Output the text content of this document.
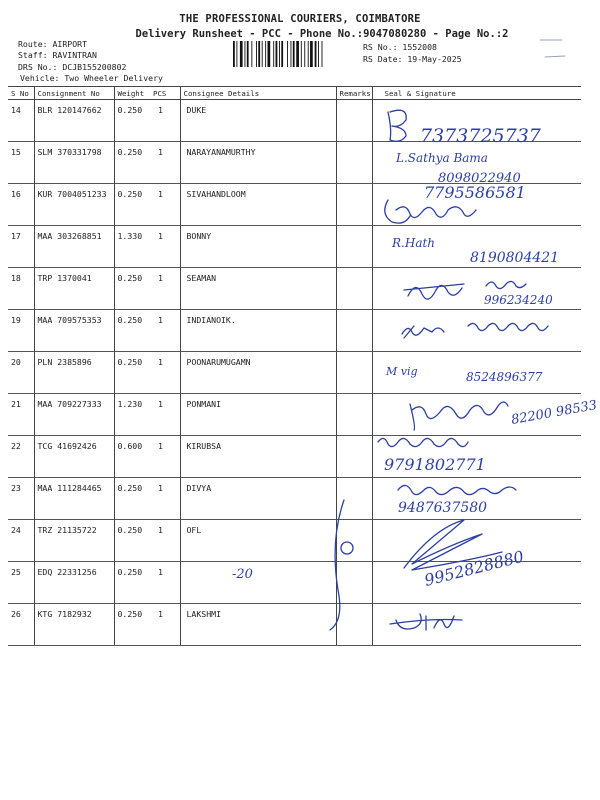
THE PROFESSIONAL COURIERS, COIMBATORE
Delivery Runsheet - PCC - Phone No.:9047080280 - Page No.:2
Route: AIRPORT
Staff: RAVINTRAN
DRS No.: DCJB155200802
Vehicle: Two Wheeler Delivery
RS No.: 1552008
RS Date: 19-May-2025
S No	Consignment No	Weight	PCS	Consignee Details	Remarks	Seal & Signature
14	BLR 120147662	0.250	1	DUKE		
15	SLM 370331798	0.250	1	NARAYANAMURTHY		
16	KUR 7004051233	0.250	1	SIVAHANDLOOM		
17	MAA 303268851	1.330	1	BONNY		
18	TRP 1370041	0.250	1	SEAMAN		
19	MAA 709575353	0.250	1	INDIANOIK.		
20	PLN 2385896	0.250	1	POONARUMUGAMN		
21	MAA 709227333	1.230	1	PONMANI		
22	TCG 41692426	0.600	1	KIRUBSA		
23	MAA 111284465	0.250	1	DIVYA		
24	TRZ 21135722	0.250	1	OFL		
25	EDQ 22331256	0.250	1			
26	KTG 7182932	0.250	1	LAKSHMI		
7373725737
L.Sathya Bama
8098022940
7795586581
R.Hath
8190804421
996234240
M vig	8524896377
82200 98533
9791802771
9487637580
9952828880
-20
